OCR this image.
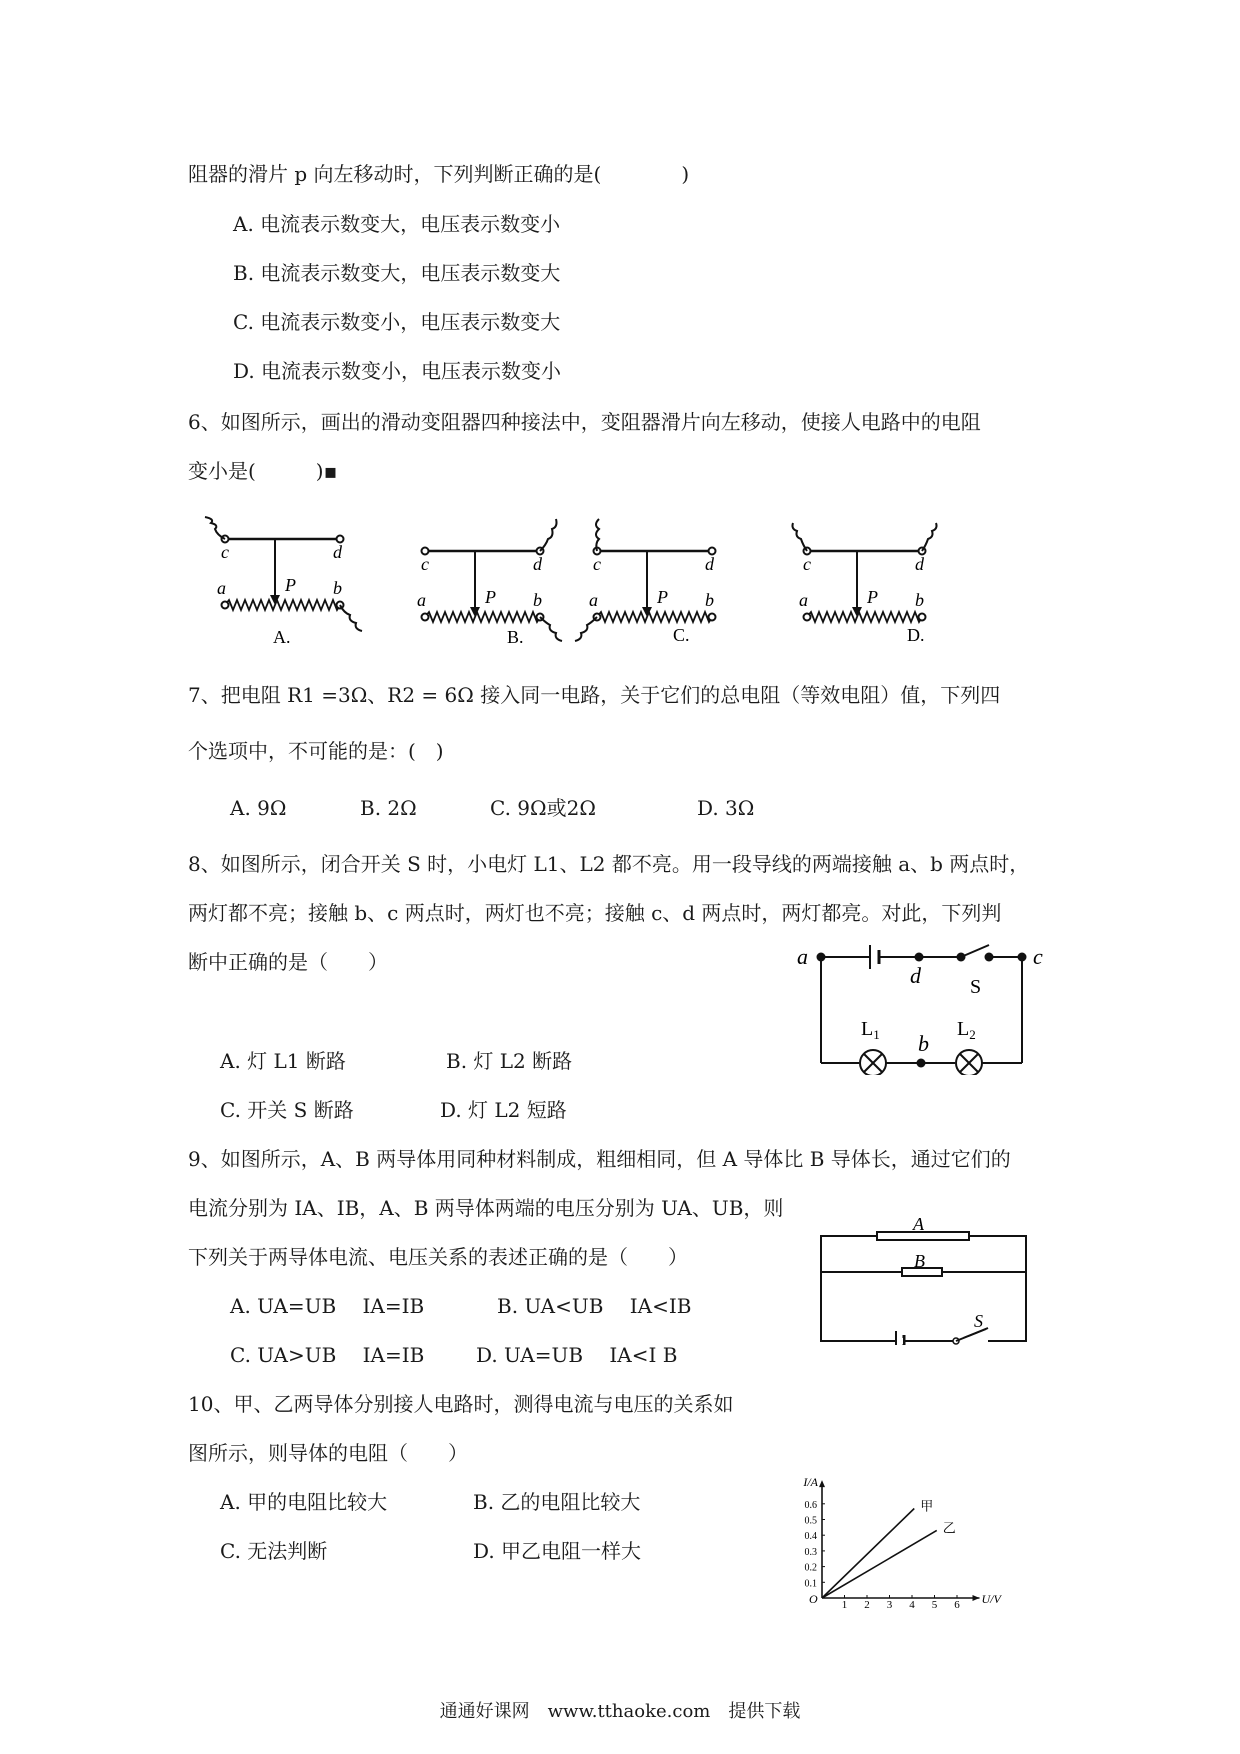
阻器的滑片 p 向左移动时，下列判断正确的是(　　　　)
A. 电流表示数变大，电压表示数变小
B. 电流表示数变大，电压表示数变大
C. 电流表示数变小，电压表示数变大
D. 电流表示数变小，电压表示数变小
6、如图所示，画出的滑动变阻器四种接法中，变阻器滑片向左移动，使接人电路中的电阻
变小是(　　　)▪
c	d
a	b
P
A.
c	d
a	b
P
B.
c	d
a	b
P
C.
c	d
a	b
P
D.
7、把电阻 R1 =3Ω、R2 = 6Ω 接入同一电路，关于它们的总电阻（等效电阻）值，下列四
个选项中，不可能的是：(　)
A. 9Ω	B. 2Ω	C. 9Ω或2Ω	D. 3Ω
8、如图所示，闭合开关 S 时，小电灯 L1、L2 都不亮。用一段导线的两端接触 a、b 两点时，
两灯都不亮；接触 b、c 两点时，两灯也不亮；接触 c、d 两点时，两灯都亮。对此，下列判
断中正确的是（　　）
A. 灯 L1 断路	B. 灯 L2 断路
C. 开关 S 断路	D. 灯 L2 短路
a
d
c
S
b
$L_1$	$L_2$
9、如图所示，A、B 两导体用同种材料制成，粗细相同，但 A 导体比 B 导体长，通过它们的
电流分别为 IA、IB，A、B 两导体两端的电压分别为 UA、UB，则
下列关于两导体电流、电压关系的表述正确的是（　　）
A. UA=UB　 IA=IB	B. UA<UB　 IA<IB
C. UA>UB　 IA=IB	D. UA=UB　 IA<I B
A
B
S
10、甲、乙两导体分别接人电路时，测得电流与电压的关系如
图所示，则导体的电阻（　　）
A. 甲的电阻比较大	B. 乙的电阻比较大
C. 无法判断	D. 甲乙电阻一样大
I/A
U/V
O 1 2 3 4 5 6
0.1
0.2
0.3
0.4
0.5
0.6	甲
乙
通通好课网　www.tthaoke.com　提供下载
